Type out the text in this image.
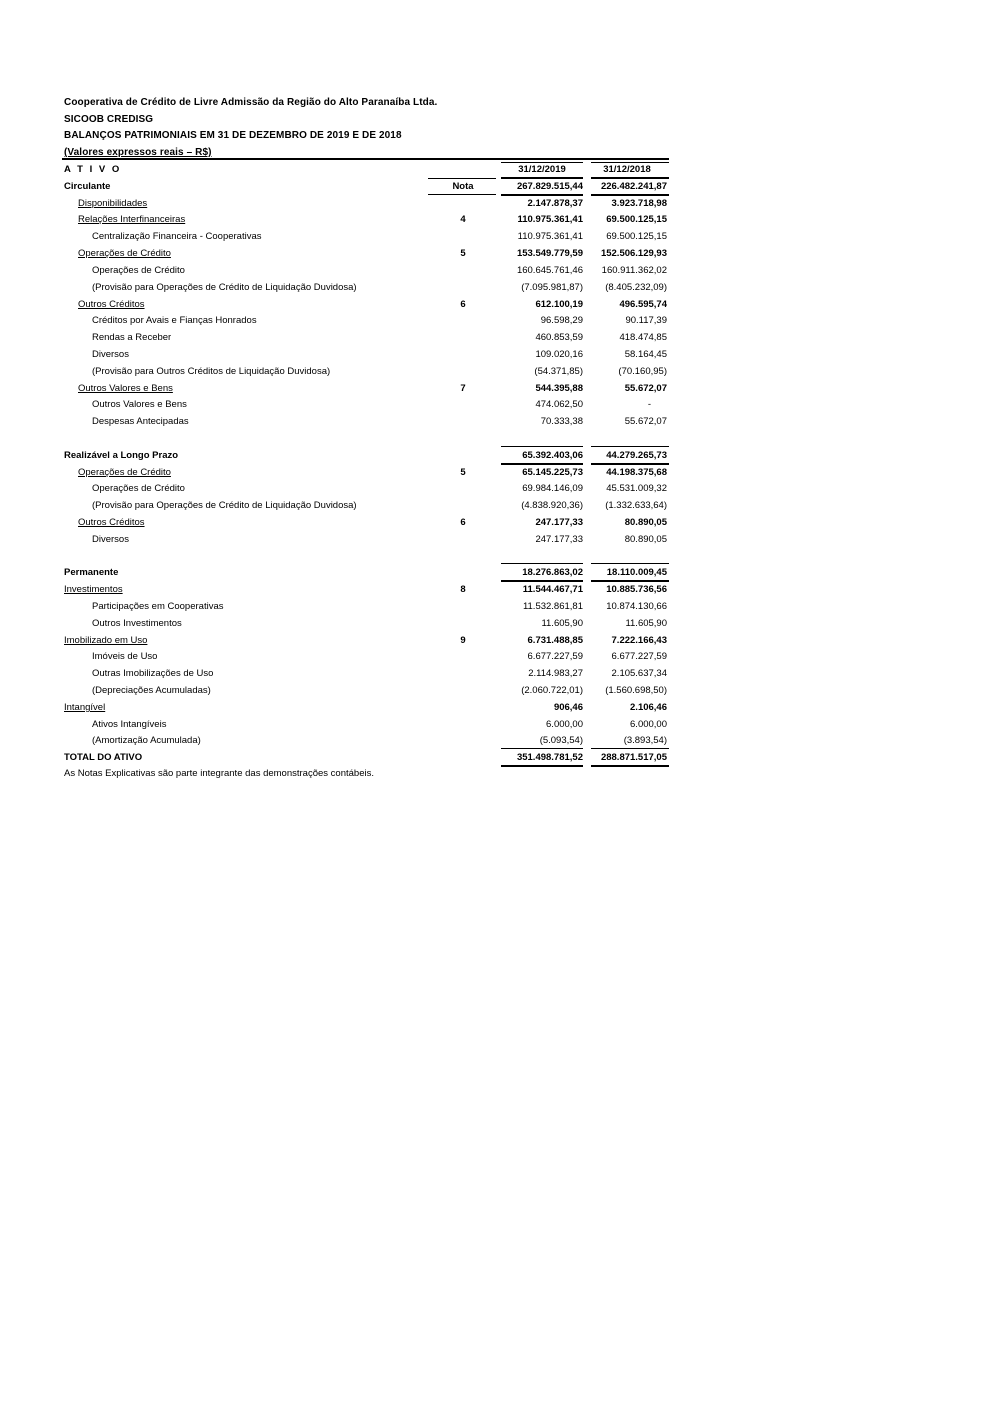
Cooperativa de Crédito de Livre Admissão da Região do Alto Paranaíba Ltda.
SICOOB CREDISG
BALANÇOS PATRIMONIAIS EM 31 DE DEZEMBRO DE 2019 E DE 2018
(Valores expressos reais – R$)
A T I V O	31/12/2019	31/12/2018
Circulante	Nota	267.829.515,44	226.482.241,87
Disponibilidades	2.147.878,37	3.923.718,98
Relações Interfinanceiras	4	110.975.361,41	69.500.125,15
Centralização Financeira - Cooperativas	110.975.361,41	69.500.125,15
Operações de Crédito	5	153.549.779,59	152.506.129,93
Operações de Crédito	160.645.761,46	160.911.362,02
(Provisão para Operações de Crédito de Liquidação Duvidosa)	(7.095.981,87)	(8.405.232,09)
Outros Créditos	6	612.100,19	496.595,74
Créditos por Avais e Fianças Honrados	96.598,29	90.117,39
Rendas a Receber	460.853,59	418.474,85
Diversos	109.020,16	58.164,45
(Provisão para Outros Créditos de Liquidação Duvidosa)	(54.371,85)	(70.160,95)
Outros Valores e Bens	7	544.395,88	55.672,07
Outros Valores e Bens	474.062,50	-
Despesas Antecipadas	70.333,38	55.672,07
Realizável a Longo Prazo	65.392.403,06	44.279.265,73
Operações de Crédito	5	65.145.225,73	44.198.375,68
Operações de Crédito	69.984.146,09	45.531.009,32
(Provisão para Operações de Crédito de Liquidação Duvidosa)	(4.838.920,36)	(1.332.633,64)
Outros Créditos	6	247.177,33	80.890,05
Diversos	247.177,33	80.890,05
Permanente	18.276.863,02	18.110.009,45
Investimentos	8	11.544.467,71	10.885.736,56
Participações em Cooperativas	11.532.861,81	10.874.130,66
Outros Investimentos	11.605,90	11.605,90
Imobilizado em Uso	9	6.731.488,85	7.222.166,43
Imóveis de Uso	6.677.227,59	6.677.227,59
Outras Imobilizações de Uso	2.114.983,27	2.105.637,34
(Depreciações Acumuladas)	(2.060.722,01)	(1.560.698,50)
Intangível	906,46	2.106,46
Ativos Intangíveis	6.000,00	6.000,00
(Amortização Acumulada)	(5.093,54)	(3.893,54)
TOTAL DO ATIVO	351.498.781,52	288.871.517,05
As Notas Explicativas são parte integrante das demonstrações contábeis.
